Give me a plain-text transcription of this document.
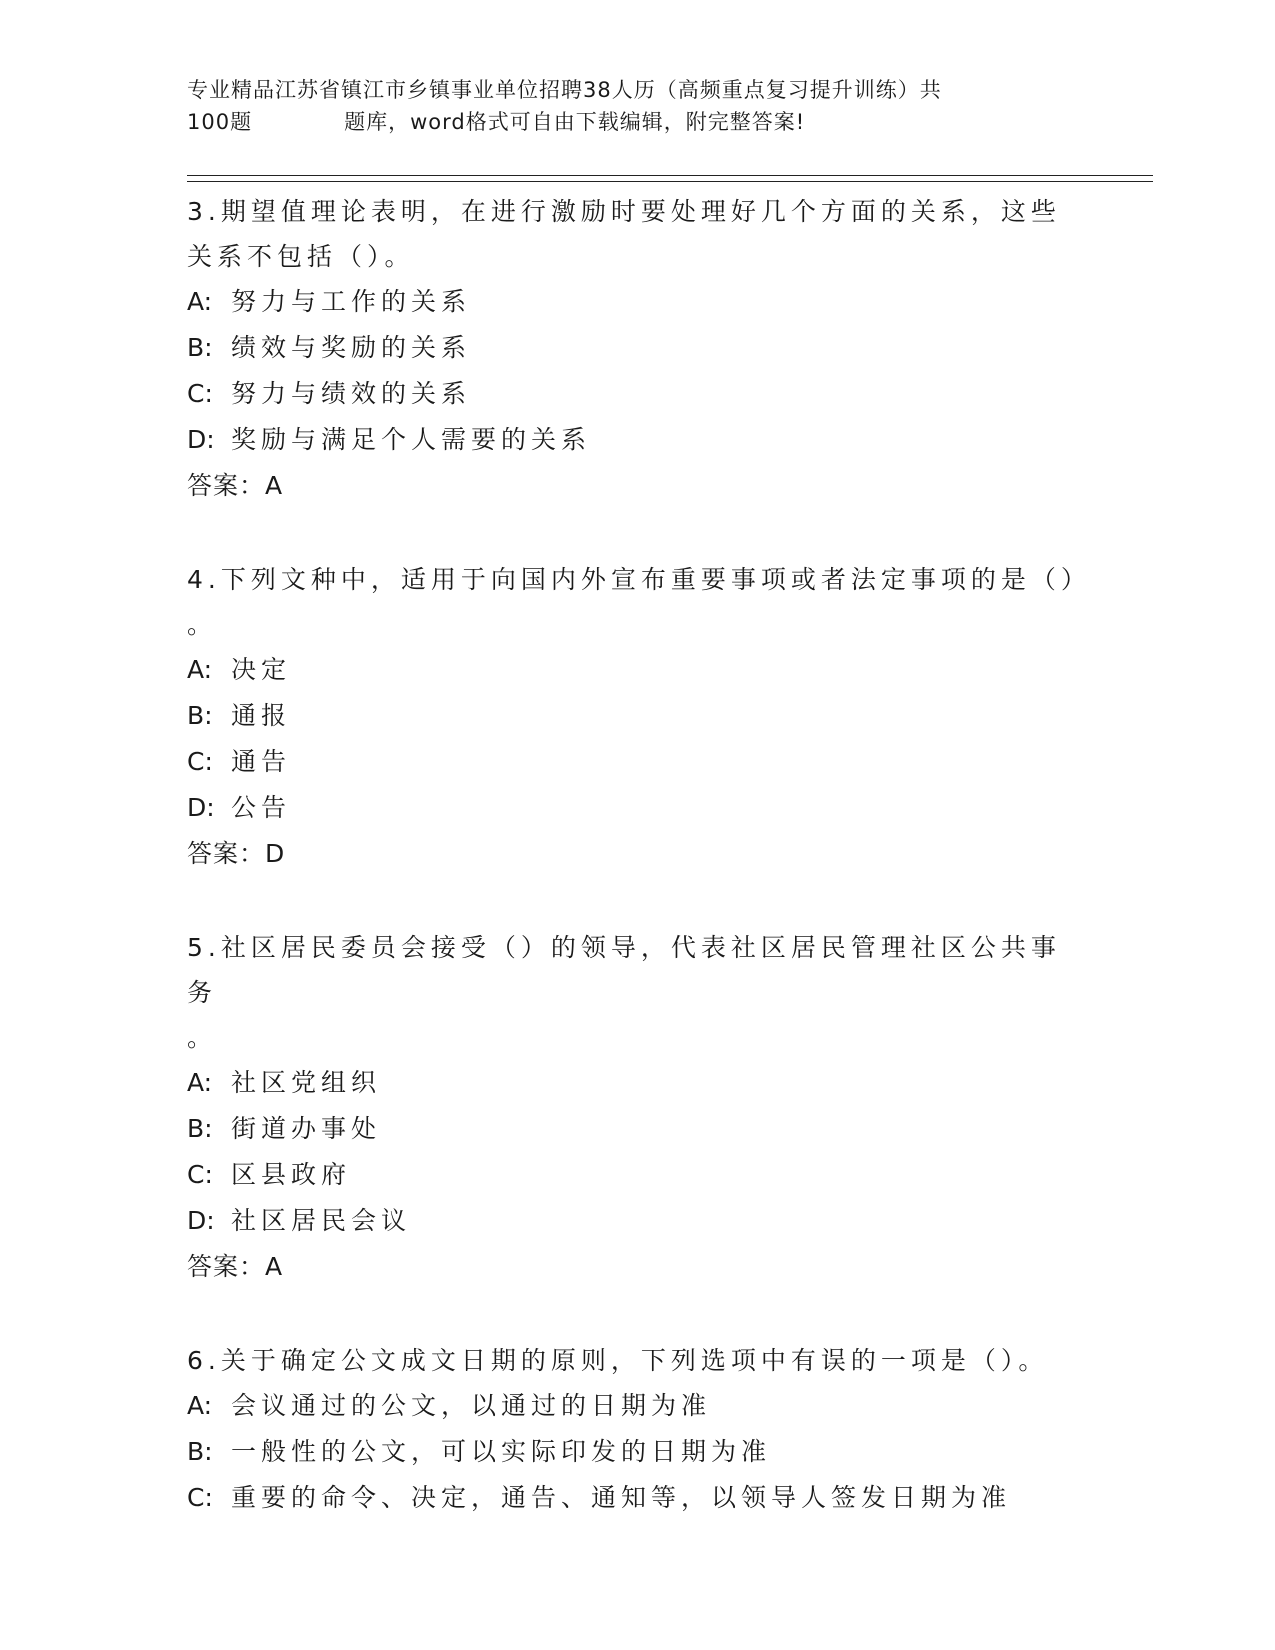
专业精品江苏省镇江市乡镇事业单位招聘38人历（高频重点复习提升训练）共
100题	题库，word格式可自由下载编辑，附完整答案!

3.期望值理论表明，在进行激励时要处理好几个方面的关系，这些关系不包括（）。

A: 努力与工作的关系
B: 绩效与奖励的关系
C: 努力与绩效的关系
D: 奖励与满足个人需要的关系

答案：A

4.下列文种中，适用于向国内外宣布重要事项或者法定事项的是（）

。

A: 决定
B: 通报
C: 通告
D: 公告

答案：D

5.社区居民委员会接受（）的领导，代表社区居民管理社区公共事务

。

A: 社区党组织
B: 街道办事处
C: 区县政府
D: 社区居民会议

答案：A

6.关于确定公文成文日期的原则，下列选项中有误的一项是（）。

A: 会议通过的公文，以通过的日期为准
B: 一般性的公文，可以实际印发的日期为准
C: 重要的命令、决定，通告、通知等，以领导人签发日期为准
